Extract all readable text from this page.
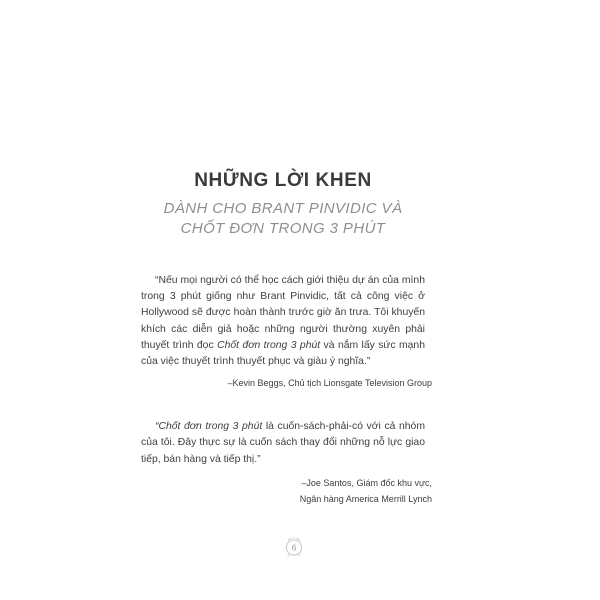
NHỮNG LỜI KHEN
DÀNH CHO BRANT PINVIDIC VÀ
CHỐT ĐƠN TRONG 3 PHÚT

“Nếu mọi người có thể học cách giới thiệu dự án của mình trong 3 phút giống như Brant Pinvidic, tất cả công việc ở Hollywood sẽ được hoàn thành trước giờ ăn trưa. Tôi khuyến khích các diễn giả hoặc những người thường xuyên phải thuyết trình đọc Chốt đơn trong 3 phút và nắm lấy sức mạnh của việc thuyết trình thuyết phục và giàu ý nghĩa.”

–Kevin Beggs, Chủ tịch Lionsgate Television Group

“Chốt đơn trong 3 phút là cuốn-sách-phải-có với cả nhóm của tôi. Đây thực sự là cuốn sách thay đổi những nỗ lực giao tiếp, bán hàng và tiếp thị.”

–Joe Santos, Giám đốc khu vực,
Ngân hàng America Merrill Lynch
6
